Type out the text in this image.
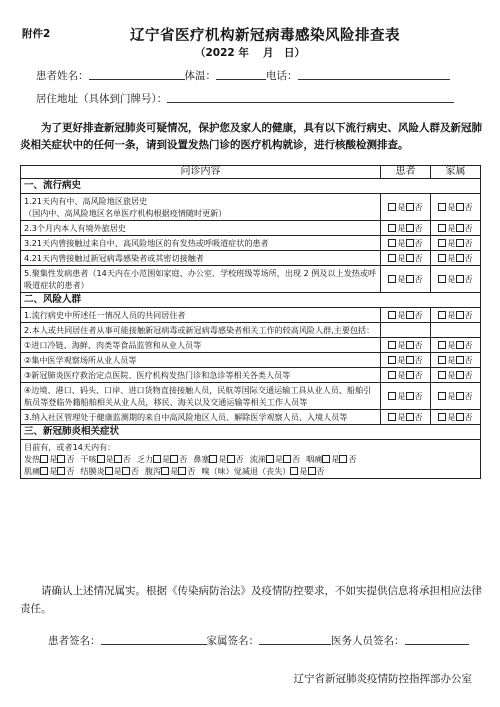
附件2	辽宁省医疗机构新冠病毒感染风险排查表
（2022 年　 月　日）
患者姓名：	体温：	电话：
居住地址（具体到门牌号）：
为了更好排查新冠肺炎可疑情况，保护您及家人的健康，具有以下流行病史、风险人群及新冠肺炎相关症状中的任何一条，请到设置发热门诊的医疗机构就诊，进行核酸检测排查。
问诊内容	患者	家属
一、流行病史		

1.21天内有中、高风险地区旅居史
（国内中、高风险地区名单医疗机构根据疫情随时更新）	是 否	是 否

2.3个月内本人有境外旅居史	是 否	是 否

3.21天内曾接触过来自中、高风险地区的有发热或呼吸道症状的患者	是 否	是 否

4.21天内曾接触过新冠病毒感染者或其密切接触者	是 否	是 否

5.聚集性发病患者（14天内在小范围如家庭、办公室、学校班级等场所，出现 2 例及以上发热或呼吸道症状的患者）	是 否	是 否
二、风险人群		

1.流行病史中所述任一情况人员的共同居住者	是 否	是 否

2.本人或共同居住者从事可能接触新冠病毒或新冠病毒感染者相关工作的较高风险人群,主要包括：		

①进口冷链、海鲜、肉类等食品监管和从业人员等	是 否	是 否

②集中医学观察场所从业人员等	是 否	是 否

③新冠肺炎医疗救治定点医院、医疗机构发热门诊和急诊等相关各类人员等	是 否	是 否

④边境、港口、码头、口岸、进口货物直接接触人员，民航等国际交通运输工具从业人员、船舶引航员等登临外籍船舶相关从业人员，移民、海关以及交通运输等相关工作人员等	是 否	是 否

3.纳入社区管理处于健康监测期的来自中高风险地区人员、解除医学观察人员、入境人员等	是 否	是 否
三、新冠肺炎相关症状		

目前有，或者14天内有：
发热 是 否 干咳 是 否 乏力 是 否 鼻塞 是 否 流涕 是 否 咽痛 是 否
肌痛 是 否 结膜炎 是 否 腹泻 是 否 嗅（味）觉减退（丧失） 是 否		
请确认上述情况属实。根据《传染病防治法》及疫情防控要求，不如实提供信息将承担相应法律责任。
患者签名：	家属签名：	医务人员签名：
辽宁省新冠肺炎疫情防控指挥部办公室
